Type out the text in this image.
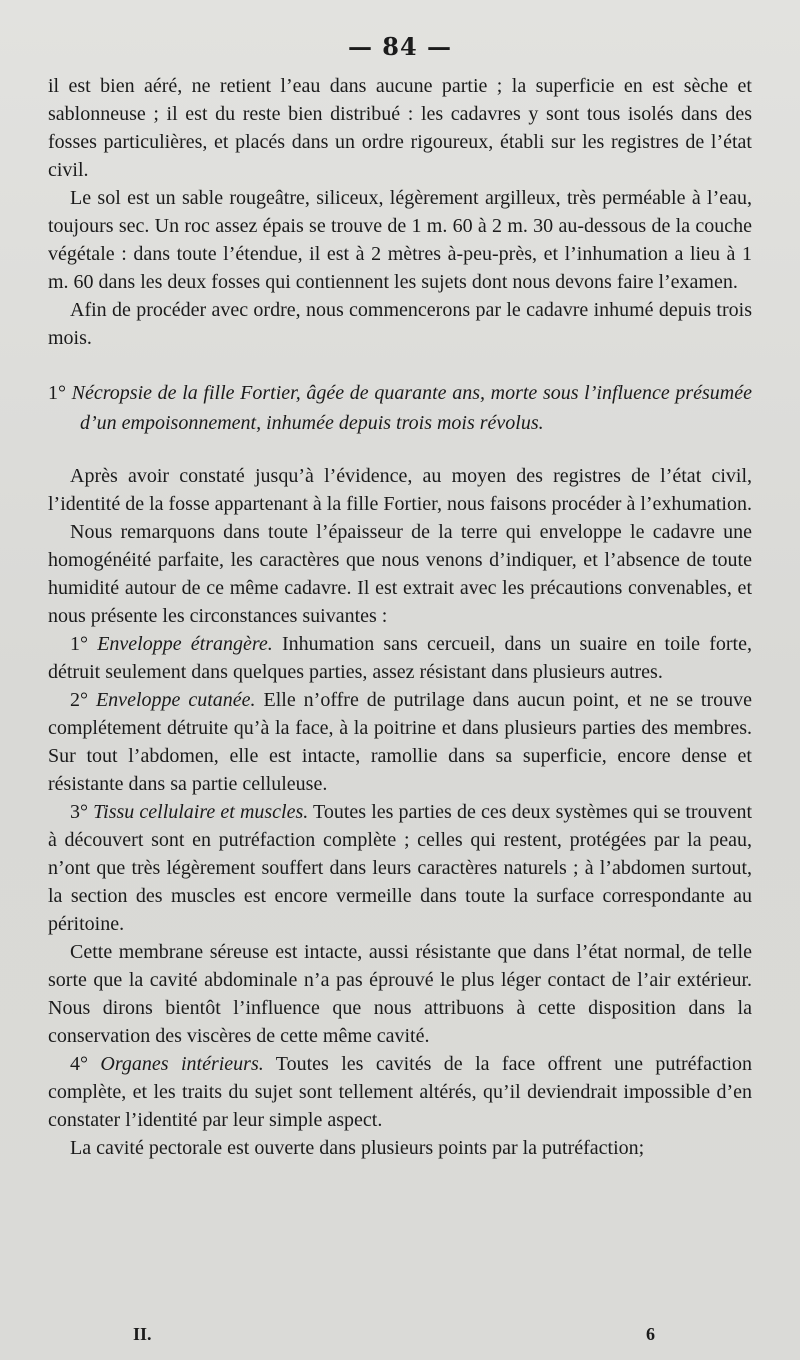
— 84 —

il est bien aéré, ne retient l’eau dans aucune partie ; la superficie en est sèche et sablonneuse ; il est du reste bien distribué : les cadavres y sont tous isolés dans des fosses particulières, et placés dans un ordre rigoureux, établi sur les registres de l’état civil.

Le sol est un sable rougeâtre, siliceux, légèrement argilleux, très perméable à l’eau, toujours sec. Un roc assez épais se trouve de 1 m. 60 à 2 m. 30 au-dessous de la couche végétale : dans toute l’étendue, il est à 2 mètres à-peu-près, et l’inhumation a lieu à 1 m. 60 dans les deux fosses qui contiennent les sujets dont nous devons faire l’examen.

Afin de procéder avec ordre, nous commencerons par le cadavre inhumé depuis trois mois.

1° Nécropsie de la fille Fortier, âgée de quarante ans, morte sous l’influence présumée d’un empoisonnement, inhumée depuis trois mois révolus.

Après avoir constaté jusqu’à l’évidence, au moyen des registres de l’état civil, l’identité de la fosse appartenant à la fille Fortier, nous faisons procéder à l’exhumation.

Nous remarquons dans toute l’épaisseur de la terre qui enveloppe le cadavre une homogénéité parfaite, les caractères que nous venons d’indiquer, et l’absence de toute humidité autour de ce même cadavre. Il est extrait avec les précautions convenables, et nous présente les circonstances suivantes :

1° Enveloppe étrangère. Inhumation sans cercueil, dans un suaire en toile forte, détruit seulement dans quelques parties, assez résistant dans plusieurs autres.

2° Enveloppe cutanée. Elle n’offre de putrilage dans aucun point, et ne se trouve complétement détruite qu’à la face, à la poitrine et dans plusieurs parties des membres. Sur tout l’abdomen, elle est intacte, ramollie dans sa superficie, encore dense et résistante dans sa partie celluleuse.

3° Tissu cellulaire et muscles. Toutes les parties de ces deux systèmes qui se trouvent à découvert sont en putréfaction complète ; celles qui restent, protégées par la peau, n’ont que très légèrement souffert dans leurs caractères naturels ; à l’abdomen surtout, la section des muscles est encore vermeille dans toute la surface correspondante au péritoine.

Cette membrane séreuse est intacte, aussi résistante que dans l’état normal, de telle sorte que la cavité abdominale n’a pas éprouvé le plus léger contact de l’air extérieur. Nous dirons bientôt l’influence que nous attribuons à cette disposition dans la conservation des viscères de cette même cavité.

4° Organes intérieurs. Toutes les cavités de la face offrent une putréfaction complète, et les traits du sujet sont tellement altérés, qu’il deviendrait impossible d’en constater l’identité par leur simple aspect.

La cavité pectorale est ouverte dans plusieurs points par la putréfaction;

II.	6
